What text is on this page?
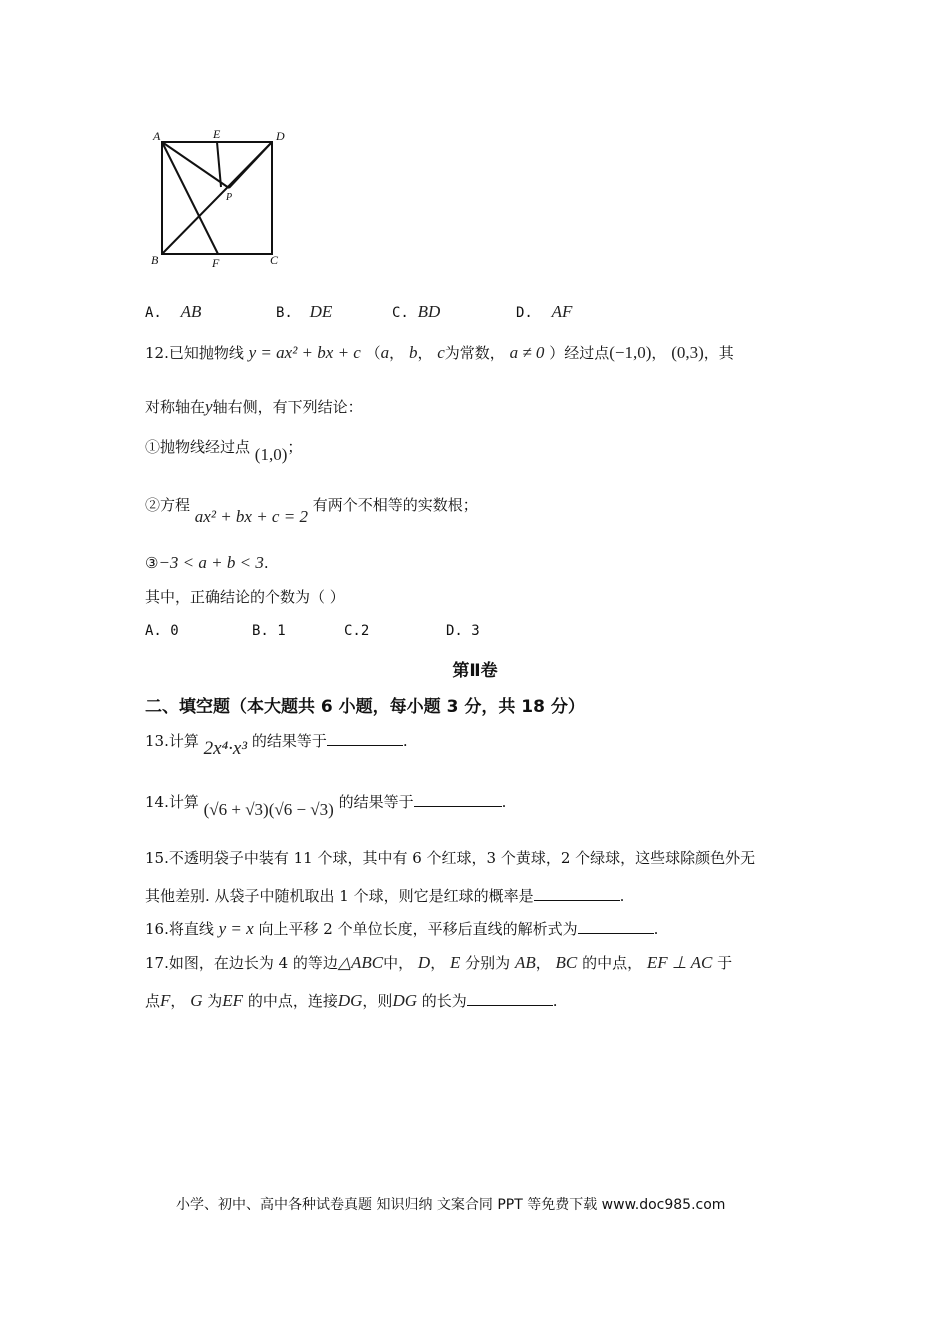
A	E	D
P
B	F	C
A. AB	B. DE	C. BD	D. AF
12.已知抛物线 y = ax² + bx + c （a， b， c为常数， a ≠ 0 ）经过点(−1,0)， (0,3)，其
对称轴在y轴右侧，有下列结论：
①抛物线经过点 (1,0)；
②方程 ax² + bx + c = 2 有两个不相等的实数根；
③−3 < a + b < 3.
其中，正确结论的个数为（ ）
A. 0	B. 1	C.2	D. 3
第Ⅱ卷
二、填空题（本大题共 6 小题，每小题 3 分，共 18 分）
13.计算 2x⁴·x³ 的结果等于	.
14.计算 (√6 + √3)(√6 − √3) 的结果等于	.
15.不透明袋子中装有 11 个球，其中有 6 个红球，3 个黄球，2 个绿球，这些球除颜色外无
其他差别. 从袋子中随机取出 1 个球，则它是红球的概率是	.
16.将直线 y = x 向上平移 2 个单位长度，平移后直线的解析式为	.
17.如图，在边长为 4 的等边△ABC中， D， E 分别为 AB， BC 的中点， EF ⊥ AC 于
点F， G 为EF 的中点，连接DG，则DG 的长为	.
小学、初中、高中各种试卷真题 知识归纳 文案合同 PPT 等免费下载 www.doc985.com
